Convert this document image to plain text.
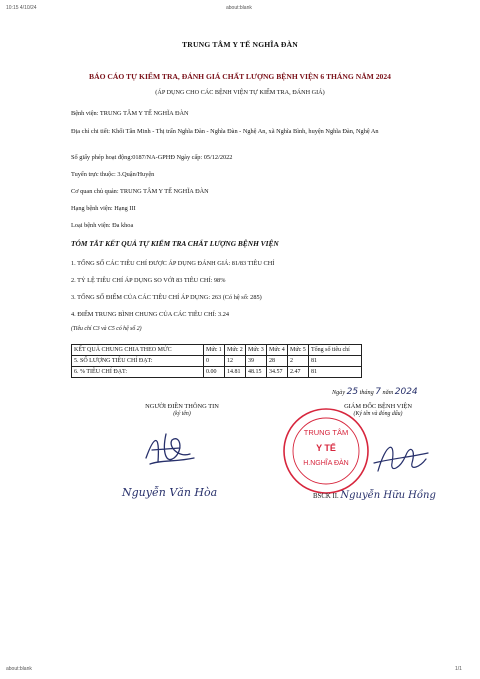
10:15 4/10/24	about:blank
TRUNG TÂM Y TẾ NGHĨA ĐÀN
BÁO CÁO TỰ KIỂM TRA, ĐÁNH GIÁ CHẤT LƯỢNG BỆNH VIỆN 6 THÁNG NĂM 2024
(ÁP DỤNG CHO CÁC BỆNH VIỆN TỰ KIỂM TRA, ĐÁNH GIÁ)
Bệnh viện: TRUNG TÂM Y TẾ NGHĨA ĐÀN
Địa chỉ chi tiết: Khối Tân Minh - Thị trấn Nghĩa Đàn - Nghĩa Đàn - Nghệ An, xã Nghĩa Bình, huyện Nghĩa Đàn, Nghệ An
Số giấy phép hoạt động:0187/NA-GPHĐ Ngày cấp: 05/12/2022
Tuyến trực thuộc: 3.Quận/Huyện
Cơ quan chủ quản: TRUNG TÂM Y TẾ NGHĨA ĐÀN
Hạng bệnh viện: Hạng III
Loại bệnh viện: Đa khoa
TÓM TẮT KẾT QUẢ TỰ KIỂM TRA CHẤT LƯỢNG BỆNH VIỆN
1. TỔNG SỐ CÁC TIÊU CHÍ ĐƯỢC ÁP DỤNG ĐÁNH GIÁ: 81/83 TIÊU CHÍ
2. TỶ LỆ TIÊU CHÍ ÁP DỤNG SO VỚI 83 TIÊU CHÍ: 98%
3. TỔNG SỐ ĐIỂM CỦA CÁC TIÊU CHÍ ÁP DỤNG: 263 (Có hệ số: 285)
4. ĐIỂM TRUNG BÌNH CHUNG CỦA CÁC TIÊU CHÍ: 3.24
(Tiêu chí C3 và C5 có hệ số 2)
KẾT QUẢ CHUNG CHIA THEO MỨC	Mức 1	Mức 2	Mức 3	Mức 4	Mức 5	Tổng số tiêu chí
5. SỐ LƯỢNG TIÊU CHÍ ĐẠT:	0	12	39	28	2	81
6. % TIÊU CHÍ ĐẠT:	0.00	14.81	48.15	34.57	2.47	81
Ngày 25 tháng 7 năm 2024
NGƯỜI ĐIỀN THÔNG TIN
(ký tên)
GIÁM ĐỐC BỆNH VIỆN
(Ký tên và đóng dấu)
Nguyễn Văn Hòa
TRUNG TÂM
Y TẾ
H.NGHĨA ĐÀN
BSCK II. Nguyễn Hữu Hồng
about:blank	1/1
